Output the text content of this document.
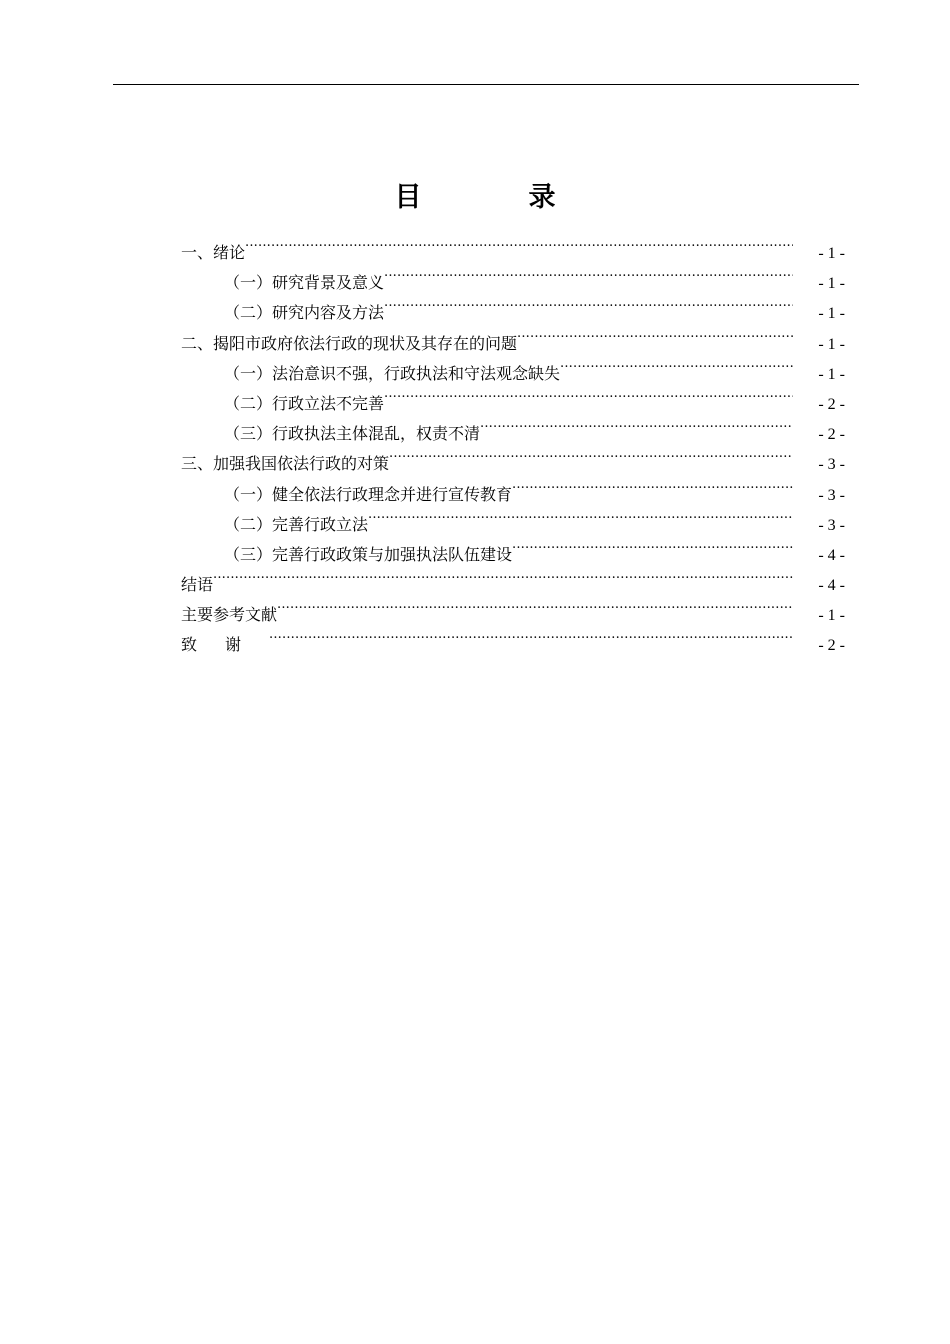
目　录
一、绪论 .....	- 1 -
（一）研究背景及意义 .....	- 1 -
（二）研究内容及方法 .....	- 1 -
二、揭阳市政府依法行政的现状及其存在的问题 .....	- 1 -
（一）法治意识不强，行政执法和守法观念缺失 .....	- 1 -
（二）行政立法不完善 .....	- 2 -
（三）行政执法主体混乱，权责不清 .....	- 2 -
三、加强我国依法行政的对策 .....	- 3 -
（一）健全依法行政理念并进行宣传教育 .....	- 3 -
（二）完善行政立法 .....	- 3 -
（三）完善行政政策与加强执法队伍建设 .....	- 4 -
结语 .....	- 4 -
主要参考文献 .....	- 1 -
致谢 .....	- 2 -
